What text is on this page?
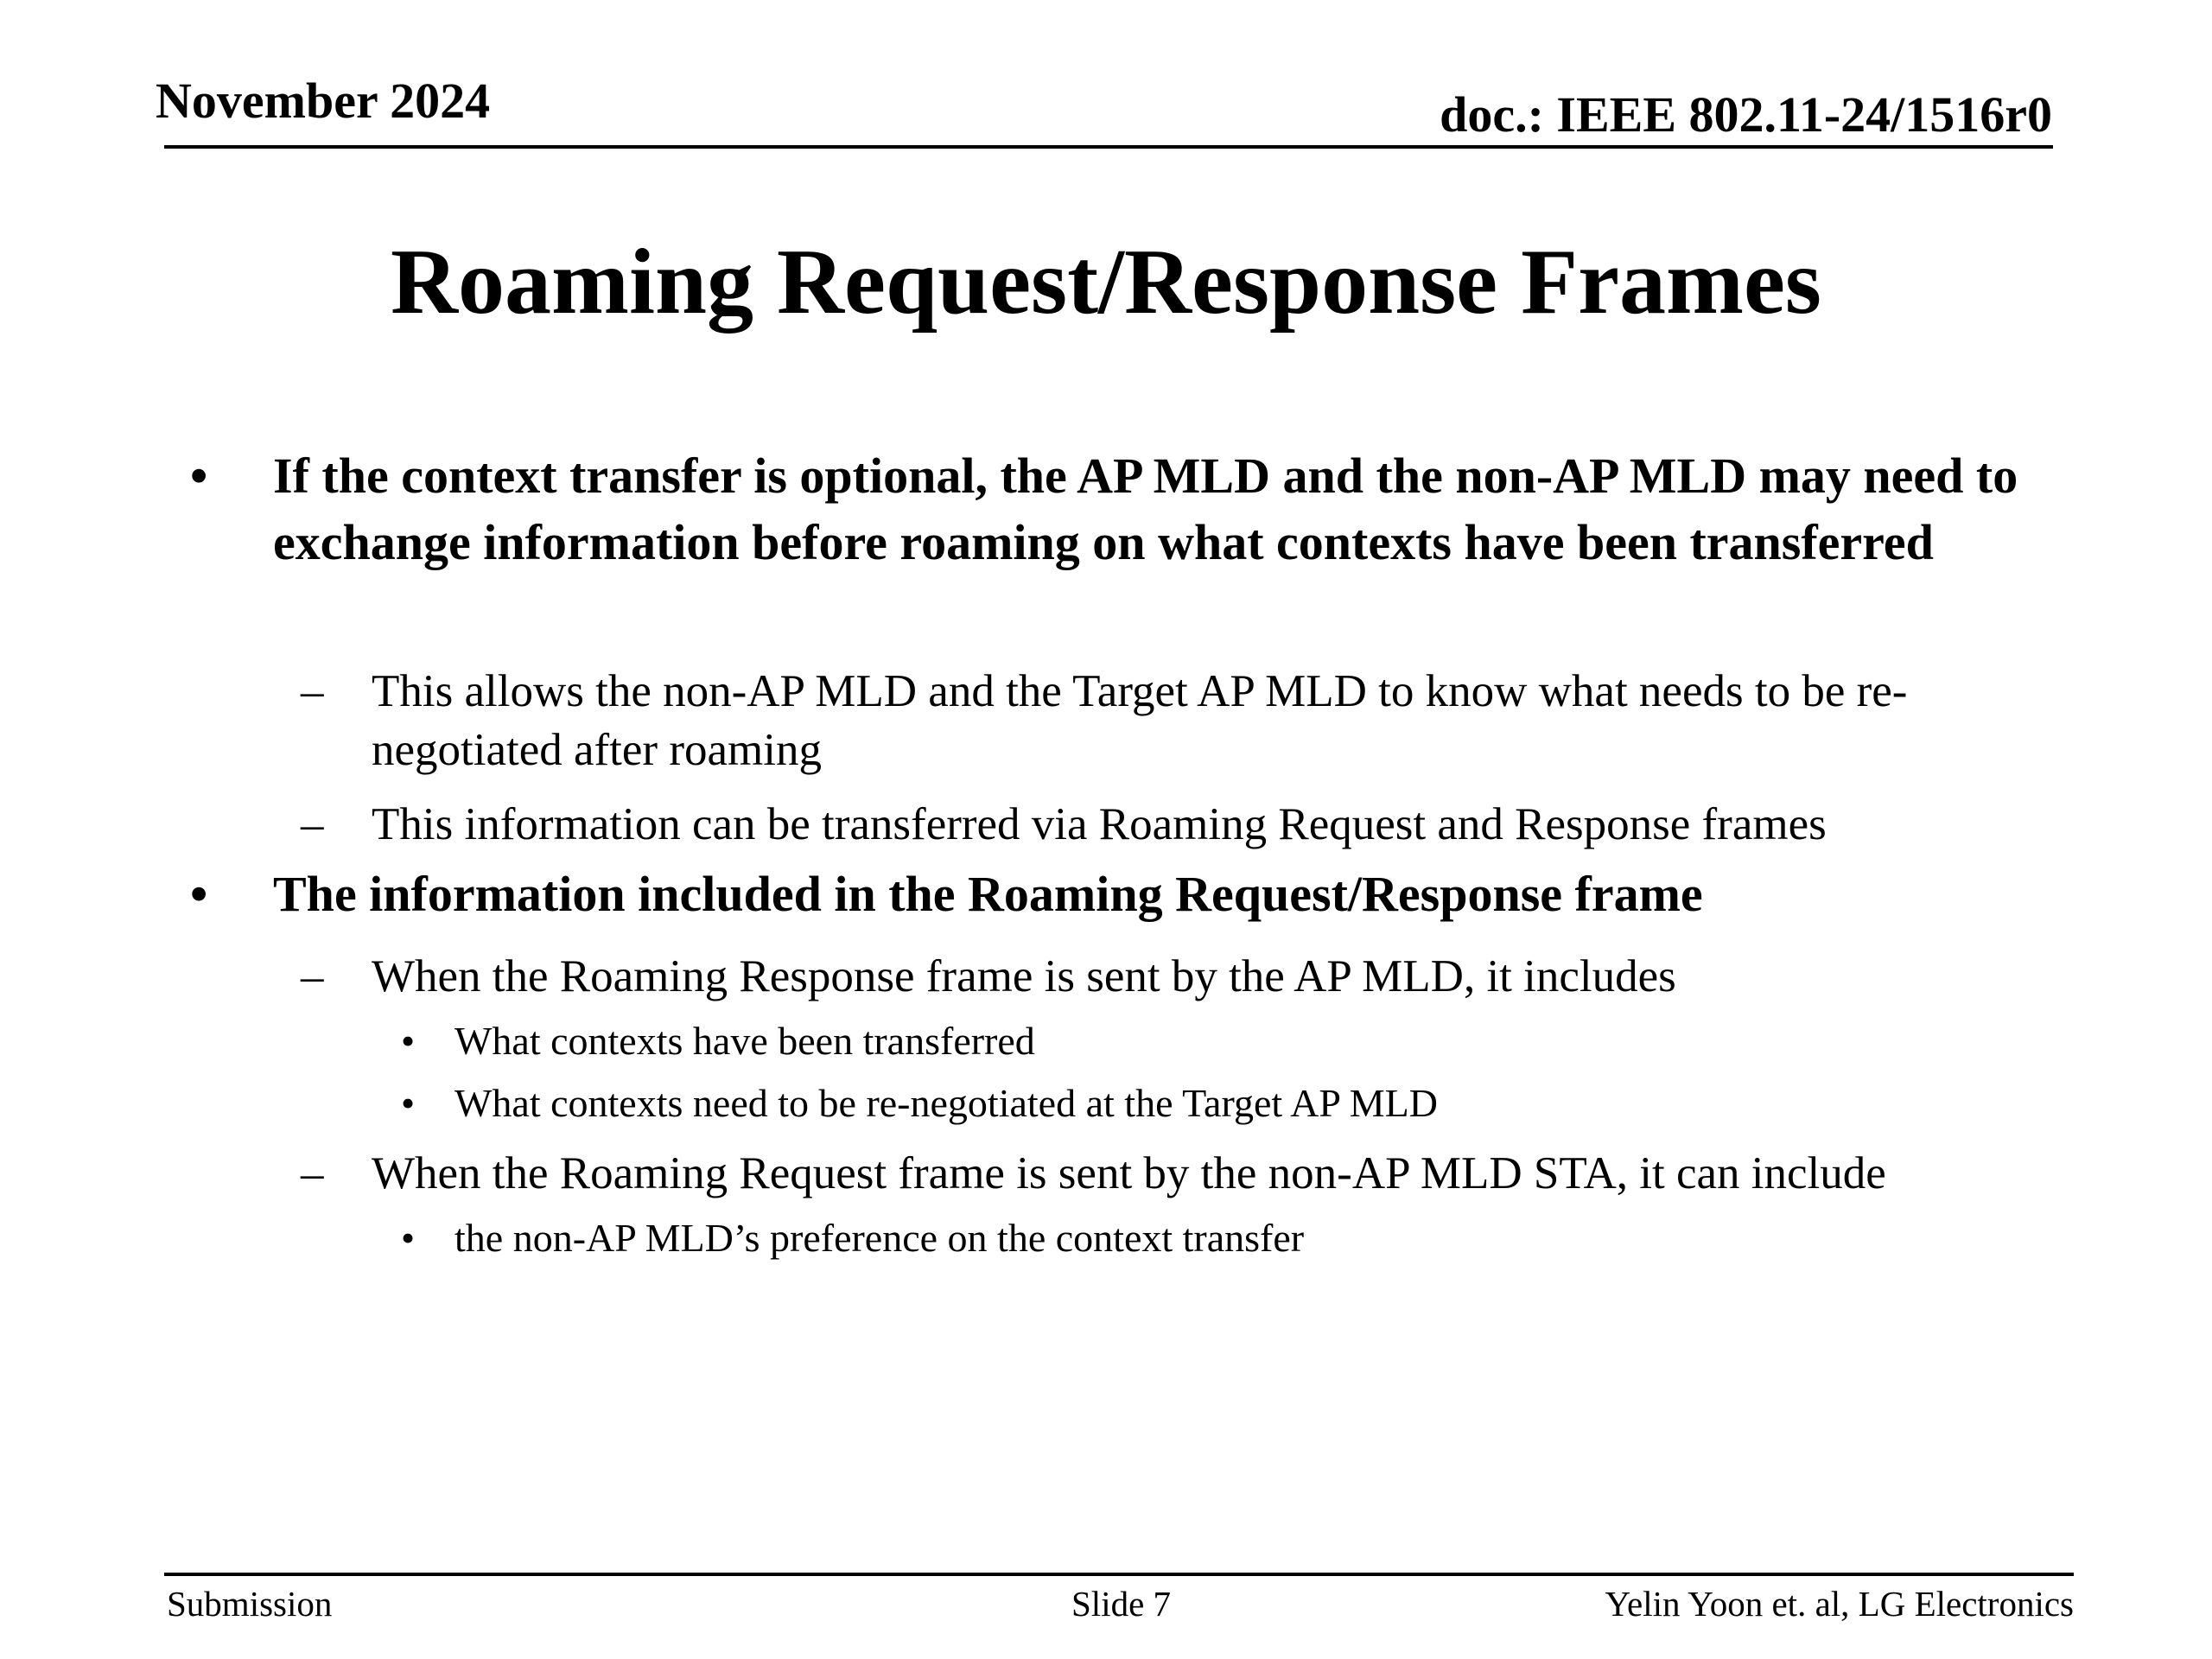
November 2024	doc.: IEEE 802.11-24/1516r0
Roaming Request/Response Frames
• If the context transfer is optional, the AP MLD and the non-AP MLD may need to exchange information before roaming on what contexts have been transferred
– This allows the non-AP MLD and the Target AP MLD to know what needs to be re-negotiated after roaming
– This information can be transferred via Roaming Request and Response frames
• The information included in the Roaming Request/Response frame
– When the Roaming Response frame is sent by the AP MLD, it includes
• What contexts have been transferred
• What contexts need to be re-negotiated at the Target AP MLD
– When the Roaming Request frame is sent by the non-AP MLD STA, it can include
• the non-AP MLD’s preference on the context transfer
Submission	Slide 7	Yelin Yoon et. al, LG Electronics
